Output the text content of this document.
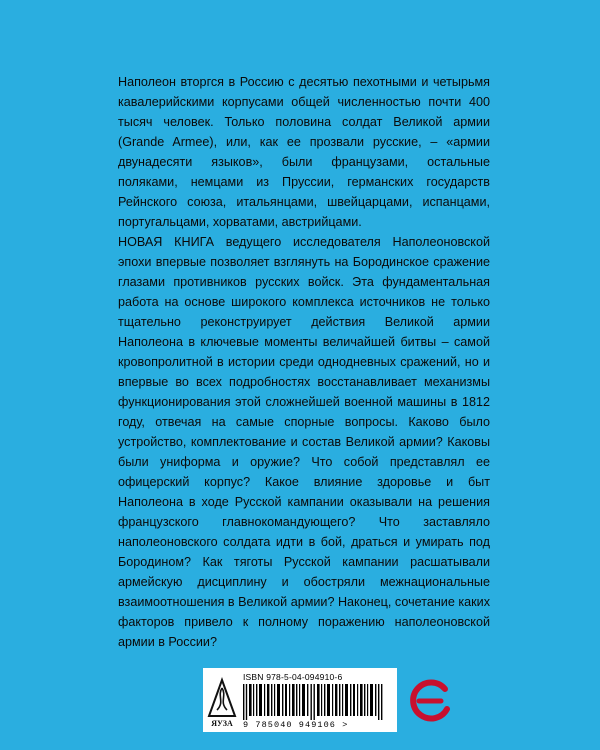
Наполеон вторгся в Россию с десятью пехотными и четырьмя кавалерийскими корпусами общей численностью почти 400 тысяч человек. Только половина солдат Великой армии (Grande Armee), или, как ее прозвали русские, – «армии двунадесяти языков», были французами, остальные поляками, немцами из Пруссии, германских государств Рейнского союза, итальянцами, швейцарцами, испанцами, португальцами, хорватами, австрийцами.

НОВАЯ КНИГА ведущего исследователя Наполеоновской эпохи впервые позволяет взглянуть на Бородинское сражение глазами противников русских войск. Эта фундаментальная работа на основе широкого комплекса источников не только тщательно реконструирует действия Великой армии Наполеона в ключевые моменты величайшей битвы – самой кровопролитной в истории среди однодневных сражений, но и впервые во всех подробностях восстанавливает механизмы функционирования этой сложнейшей военной машины в 1812 году, отвечая на самые спорные вопросы. Каково было устройство, комплектование и состав Великой армии? Каковы были униформа и оружие? Что собой представлял ее офицерский корпус? Какое влияние здоровье и быт Наполеона в ходе Русской кампании оказывали на решения французского главнокомандующего? Что заставляло наполеоновского солдата идти в бой, драться и умирать под Бородином? Как тяготы Русской кампании расшатывали армейскую дисциплину и обостряли межнациональные взаимоотношения в Великой армии? Наконец, сочетание каких факторов привело к полному поражению наполеоновской армии в России?

ЯУЗА
ISBN 978-5-04-094910-6
9 785040 949106 >
